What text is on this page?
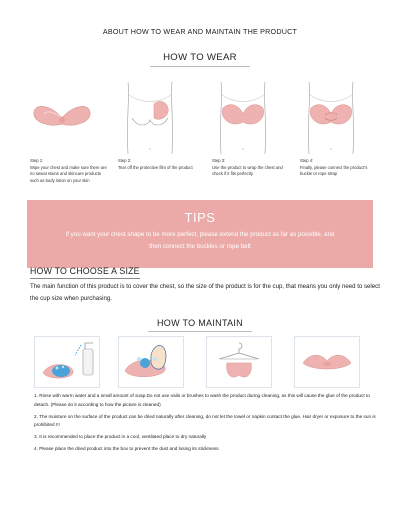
ABOUT HOW TO WEAR AND MAINTAIN THE PRODUCT
HOW TO WEAR
Step 1:
Wipe your chest and make sure there are no sweat stains and skincare products such as body lotion on your skin
Step 2:
Tear off the protective film of the product
Step 3:
Use the product to wrap the chest and check if it fits perfectly
Step 4:
Finally, please connect the product's buckle or rope strap
TIPS
If you want your chest shape to be more perfect, please extend the product as far as possible, and then connect the buckles or rope belt
HOW TO CHOOSE A SIZE
The main function of this product is to cover the chest, so the size of the product is for the cup, that means you only need to select the cup size when purchasing.
HOW TO MAINTAIN

1. Rinse with warm water and a small amount of soap.Do not use nails or brushes to wash the product during cleaning, as this will cause the glue of the product to detach. (Please do it according to how the picture is cleaned)

2. The moisture on the surface of the product can be dried naturally after cleaning, do not let the towel or napkin contact the glue. Hair dryer or exposure to the sun is prohibited !!!

3. It is recommended to place the product in a cool, ventilated place to dry naturally

4. Please place the dried product into the box to prevent the dust and losing its stickiness.
